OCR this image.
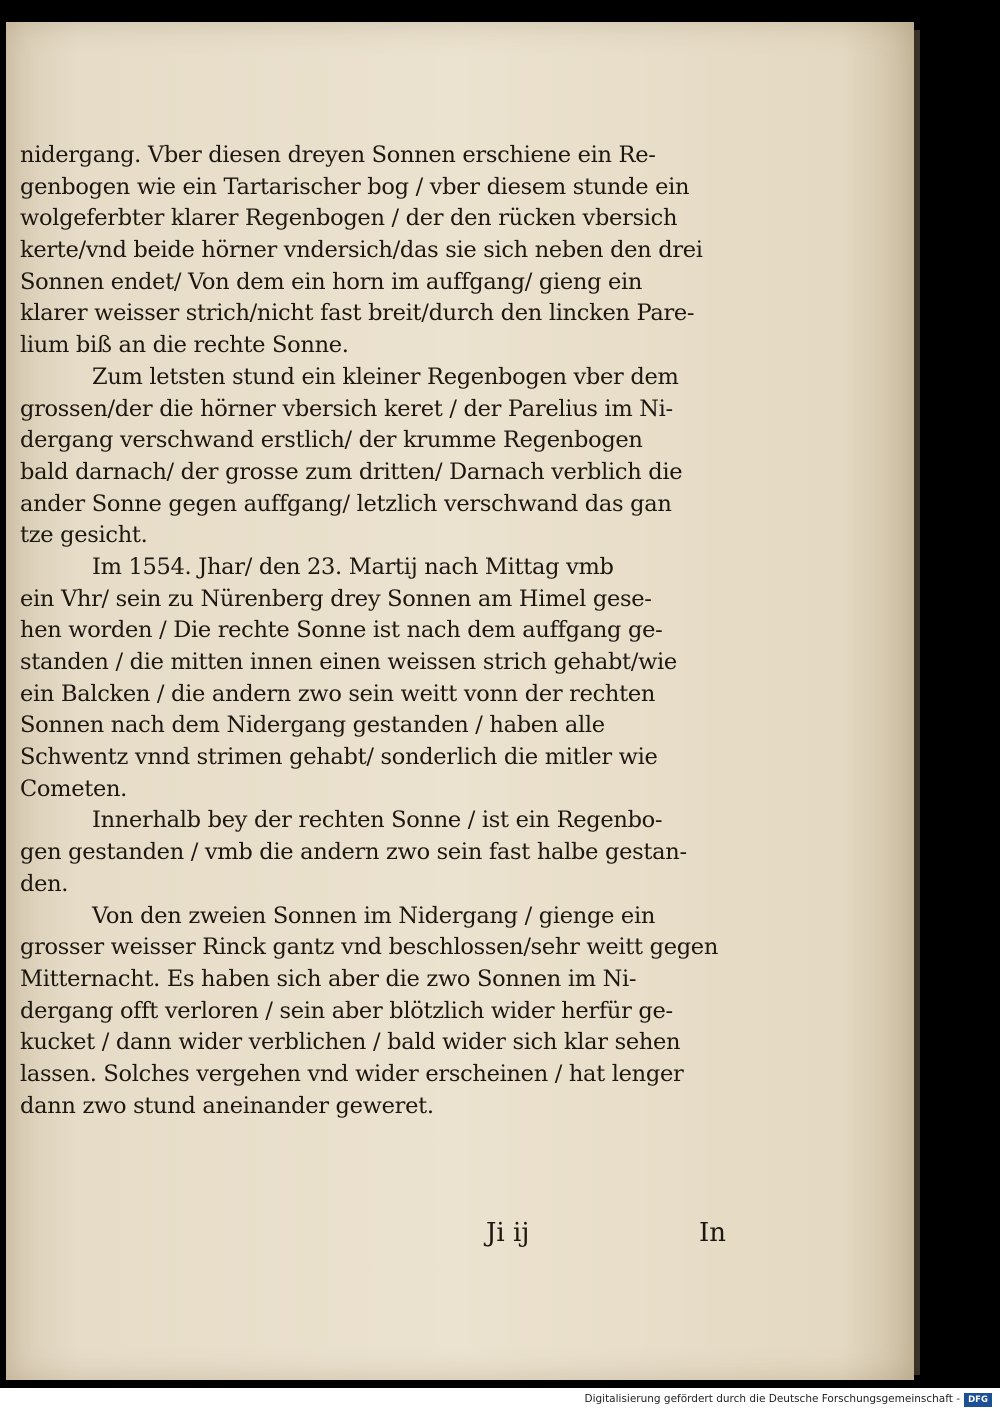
nidergang. Vber diesen dreyen Sonnen erschiene ein Re-
genbogen wie ein Tartarischer bog / vber diesem stunde ein
wolgeferbter klarer Regenbogen / der den rücken vbersich
kerte/vnd beide hörner vndersich/das sie sich neben den drei
Sonnen endet/ Von dem ein horn im auffgang/ gieng ein
klarer weisser strich/nicht fast breit/durch den lincken Pare-
lium biß an die rechte Sonne.
Zum letsten stund ein kleiner Regenbogen vber dem
grossen/der die hörner vbersich keret / der Parelius im Ni-
dergang verschwand erstlich/ der krumme Regenbogen
bald darnach/ der grosse zum dritten/ Darnach verblich die
ander Sonne gegen auffgang/ letzlich verschwand das gan
tze gesicht.
Im 1554. Jhar/ den 23. Martij nach Mittag vmb
ein Vhr/ sein zu Nürenberg drey Sonnen am Himel gese-
hen worden / Die rechte Sonne ist nach dem auffgang ge-
standen / die mitten innen einen weissen strich gehabt/wie
ein Balcken / die andern zwo sein weitt vonn der rechten
Sonnen nach dem Nidergang gestanden / haben alle
Schwentz vnnd strimen gehabt/ sonderlich die mitler wie
Cometen.
Innerhalb bey der rechten Sonne / ist ein Regenbo-
gen gestanden / vmb die andern zwo sein fast halbe gestan-
den.
Von den zweien Sonnen im Nidergang / gienge ein
grosser weisser Rinck gantz vnd beschlossen/sehr weitt gegen
Mitternacht. Es haben sich aber die zwo Sonnen im Ni-
dergang offt verloren / sein aber blötzlich wider herfür ge-
kucket / dann wider verblichen / bald wider sich klar sehen
lassen. Solches vergehen vnd wider erscheinen / hat lenger
dann zwo stund aneinander geweret.
Ji ij	In
Digitalisierung gefördert durch die Deutsche Forschungsgemeinschaft - DFG
